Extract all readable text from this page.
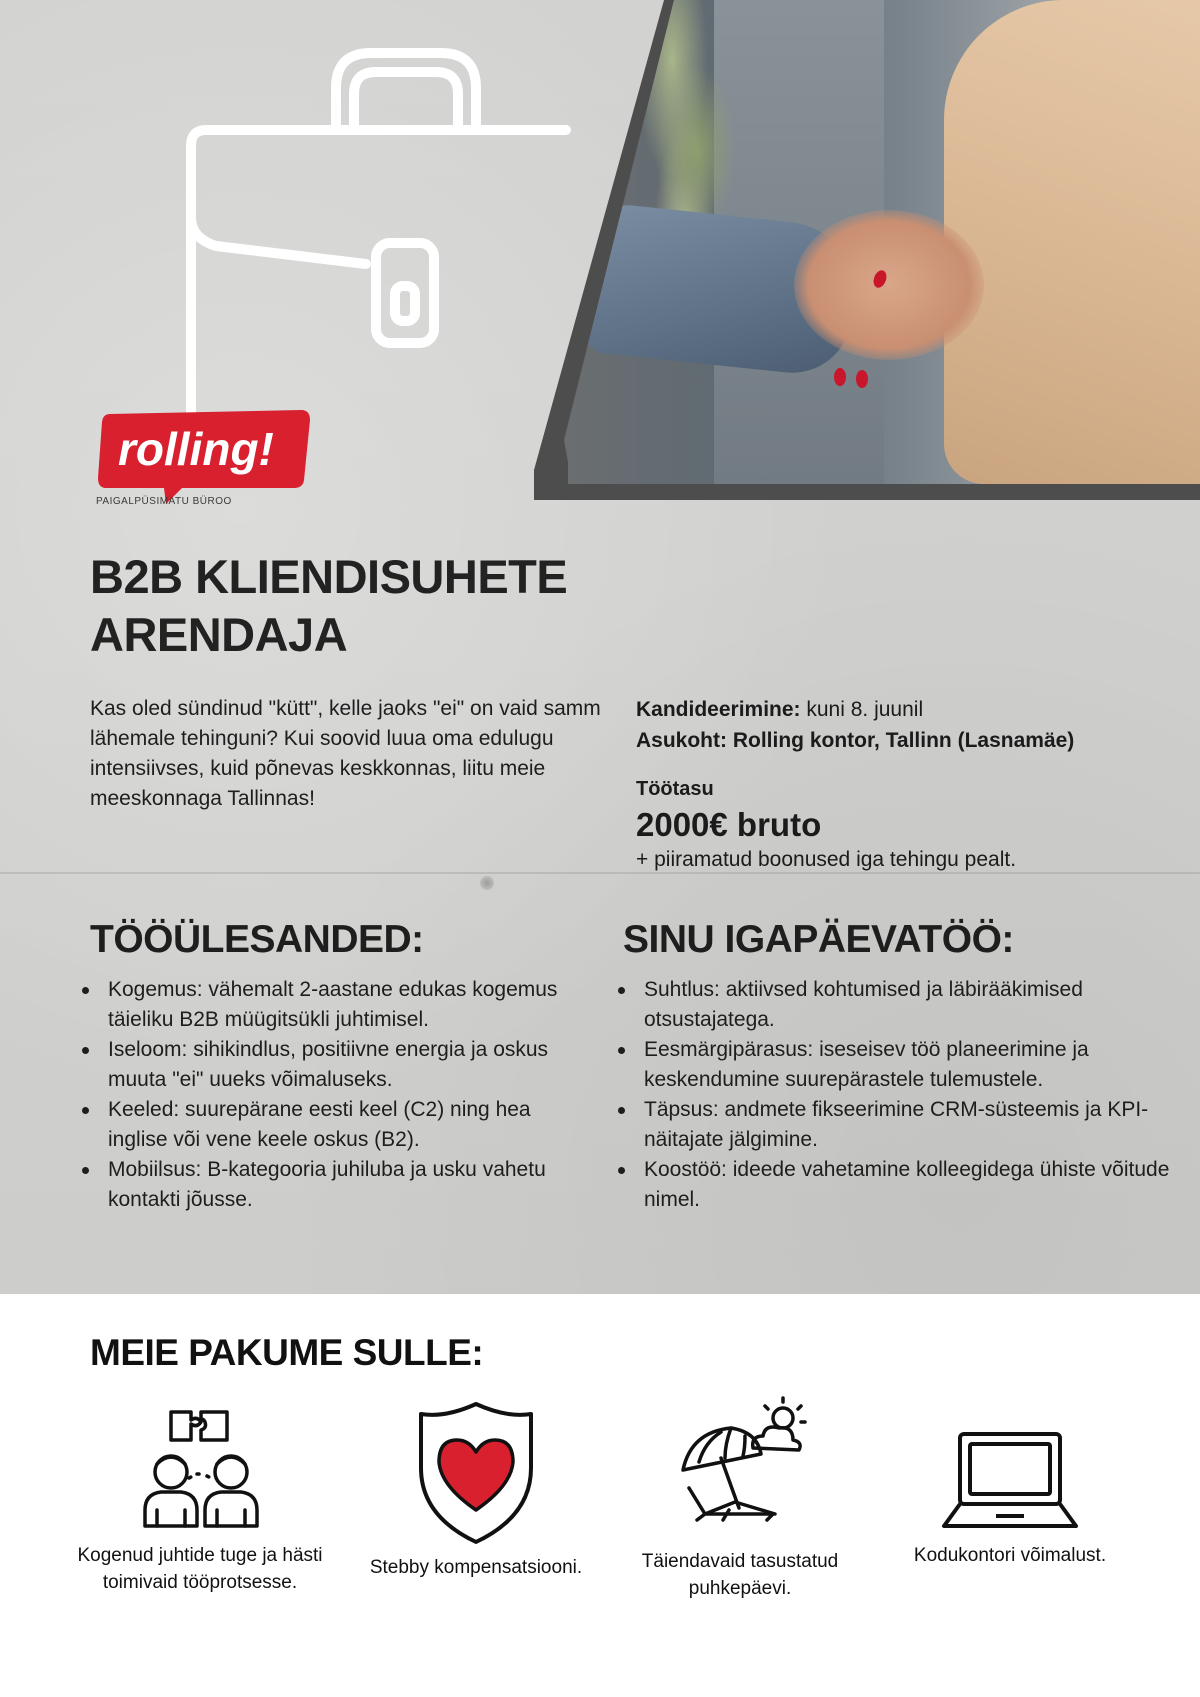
rolling!
PAIGALPÜSIMATU BÜROO
B2B KLIENDISUHETE
ARENDAJA
Kas oled sündinud "kütt", kelle jaoks "ei" on vaid samm lähemale tehinguni? Kui soovid luua oma edulugu intensiivses, kuid põnevas keskkonnas, liitu meie meeskonnaga Tallinnas!
Kandideerimine: kuni 8. juunil
Asukoht: Rolling kontor, Tallinn (Lasnamäe)
Töötasu
2000€ bruto
+ piiramatud boonused iga tehingu pealt.
TÖÖÜLESANDED:
Kogemus: vähemalt 2-aastane edukas kogemus täieliku B2B müügitsükli juhtimisel.
Iseloom: sihikindlus, positiivne energia ja oskus muuta "ei" uueks võimaluseks.
Keeled: suurepärane eesti keel (C2) ning hea inglise või vene keele oskus (B2).
Mobiilsus: B-kategooria juhiluba ja usku vahetu kontakti jõusse.
SINU IGAPÄEVATÖÖ:
Suhtlus: aktiivsed kohtumised ja läbirääkimised otsustajatega.
Eesmärgipärasus: iseseisev töö planeerimine ja keskendumine suurepärastele tulemustele.
Täpsus: andmete fikseerimine CRM-süsteemis ja KPI-näitajate jälgimine.
Koostöö: ideede vahetamine kolleegidega ühiste võitude nimel.
MEIE PAKUME SULLE:
Kogenud juhtide tuge ja hästi toimivaid tööprotsesse.
Stebby kompensatsiooni.	Täiendavaid tasustatud puhkepäevi.
Kodukontori võimalust.
